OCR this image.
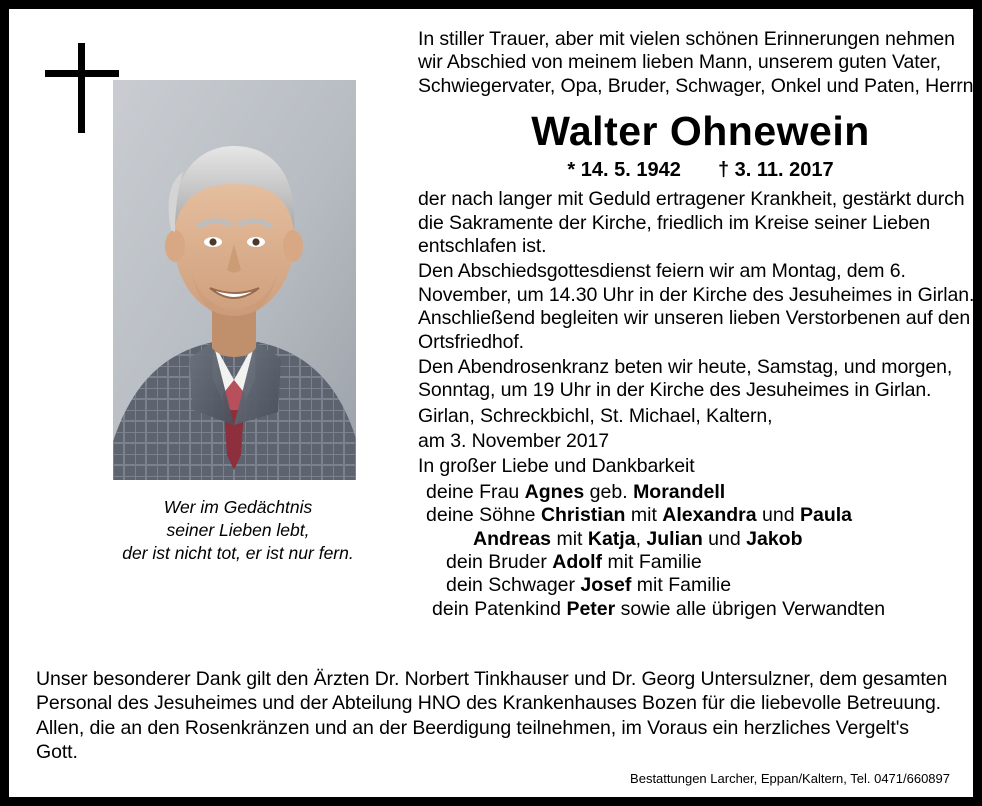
Wer im Gedächtnis
seiner Lieben lebt,
der ist nicht tot, er ist nur fern.

In stiller Trauer, aber mit vielen schönen Erinnerungen nehmen wir Abschied von meinem lieben Mann, unserem guten Vater, Schwiegervater, Opa, Bruder, Schwager, Onkel und Paten, Herrn

Walter Ohnewein
* 14. 5. 1942 † 3. 11. 2017

der nach langer mit Geduld ertragener Krankheit, gestärkt durch die Sakramente der Kirche, friedlich im Kreise seiner Lieben entschlafen ist.

Den Abschiedsgottesdienst feiern wir am Montag, dem 6. November, um 14.30 Uhr in der Kirche des Jesuheimes in Girlan. Anschließend begleiten wir unseren lieben Verstorbenen auf den Ortsfriedhof.

Den Abendrosenkranz beten wir heute, Samstag, und morgen, Sonntag, um 19 Uhr in der Kirche des Jesuheimes in Girlan.

Girlan, Schreckbichl, St. Michael, Kaltern,

am 3. November 2017

In großer Liebe und Dankbarkeit

deine Frau Agnes geb. Morandell
deine Söhne Christian mit Alexandra und Paula
Andreas mit Katja, Julian und Jakob
dein Bruder Adolf mit Familie
dein Schwager Josef mit Familie
dein Patenkind Peter sowie alle übrigen Verwandten

Unser besonderer Dank gilt den Ärzten Dr. Norbert Tinkhauser und Dr. Georg Untersulzner, dem gesamten Personal des Jesuheimes und der Abteilung HNO des Krankenhauses Bozen für die liebevolle Betreuung.

Allen, die an den Rosenkränzen und an der Beerdigung teilnehmen, im Voraus ein herzliches Vergelt's Gott.

Bestattungen Larcher, Eppan/Kaltern, Tel. 0471/660897
